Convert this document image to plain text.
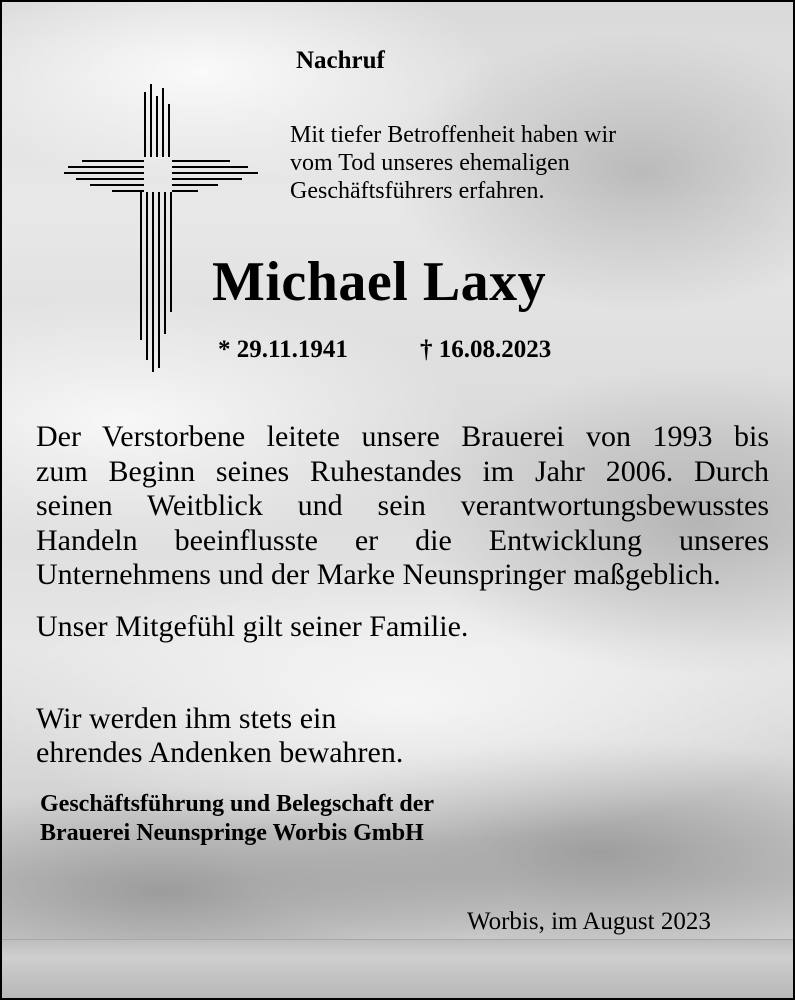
Nachruf
Mit tiefer Betroffenheit haben wir
vom Tod unseres ehemaligen
Geschäftsführers erfahren.
Michael Laxy
* 29.11.1941	† 16.08.2023
Der Verstorbene leitete unsere Brauerei von 1993 bis
zum Beginn seines Ruhestandes im Jahr 2006. Durch
seinen Weitblick und sein verantwortungsbewusstes
Handeln beeinflusste er die Entwicklung unseres
Unternehmens und der Marke Neunspringer maßgeblich.
Unser Mitgefühl gilt seiner Familie.
Wir werden ihm stets ein
ehrendes Andenken bewahren.
Geschäftsführung und Belegschaft der
Brauerei Neunspringe Worbis GmbH
Worbis, im August 2023
